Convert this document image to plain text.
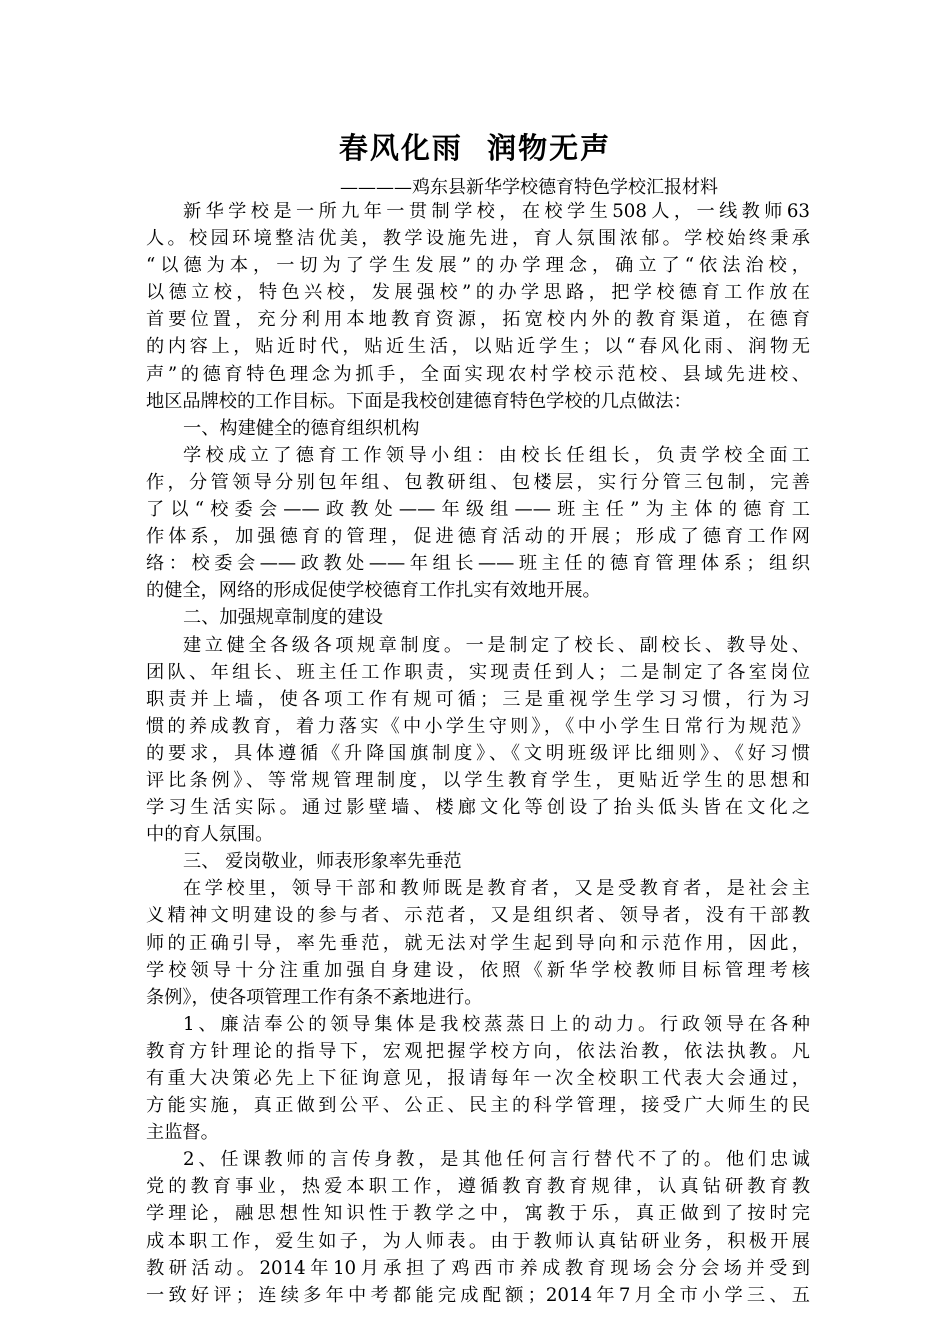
春风化雨  润物无声
————鸡东县新华学校德育特色学校汇报材料
新华学校是一所九年一贯制学校，在校学生508人，一线教师63
人。校园环境整洁优美，教学设施先进，育人氛围浓郁。学校始终秉承
“以德为本，一切为了学生发展”的办学理念，确立了“依法治校，
以德立校，特色兴校，发展强校”的办学思路，把学校德育工作放在
首要位置，充分利用本地教育资源，拓宽校内外的教育渠道，在德育
的内容上，贴近时代，贴近生活，以贴近学生；以“春风化雨、润物无
声”的德育特色理念为抓手，全面实现农村学校示范校、县域先进校、
地区品牌校的工作目标。下面是我校创建德育特色学校的几点做法：
一、构建健全的德育组织机构
学校成立了德育工作领导小组：由校长任组长，负责学校全面工
作，分管领导分别包年组、包教研组、包楼层，实行分管三包制，完善
了以“校委会——政教处——年级组——班主任”为主体的德育工
作体系，加强德育的管理，促进德育活动的开展；形成了德育工作网
络：校委会——政教处——年组长——班主任的德育管理体系；组织
的健全，网络的形成促使学校德育工作扎实有效地开展。
二、加强规章制度的建设
建立健全各级各项规章制度。一是制定了校长、副校长、教导处、
团队、年组长、班主任工作职责，实现责任到人；二是制定了各室岗位
职责并上墙，使各项工作有规可循；三是重视学生学习习惯，行为习
惯的养成教育，着力落实《中小学生守则》，《中小学生日常行为规范》
的要求，具体遵循《升降国旗制度》、《文明班级评比细则》、《好习惯
评比条例》、等常规管理制度，以学生教育学生，更贴近学生的思想和
学习生活实际。通过影壁墙、楼廊文化等创设了抬头低头皆在文化之
中的育人氛围。
三、 爱岗敬业，师表形象率先垂范
在学校里，领导干部和教师既是教育者，又是受教育者，是社会主
义精神文明建设的参与者、示范者，又是组织者、领导者，没有干部教
师的正确引导，率先垂范，就无法对学生起到导向和示范作用，因此，
学校领导十分注重加强自身建设，依照《新华学校教师目标管理考核
条例》，使各项管理工作有条不紊地进行。
1、廉洁奉公的领导集体是我校蒸蒸日上的动力。行政领导在各种
教育方针理论的指导下，宏观把握学校方向，依法治教，依法执教。凡
有重大决策必先上下征询意见，报请每年一次全校职工代表大会通过，
方能实施，真正做到公平、公正、民主的科学管理，接受广大师生的民
主监督。
2、任课教师的言传身教，是其他任何言行替代不了的。他们忠诚
党的教育事业，热爱本职工作，遵循教育教育规律，认真钻研教育教
学理论，融思想性知识性于教学之中，寓教于乐，真正做到了按时完
成本职工作，爱生如子，为人师表。由于教师认真钻研业务，积极开展
教研活动。2014年10月承担了鸡西市养成教育现场会分会场并受到
一致好评；连续多年中考都能完成配额；2014年7月全市小学三、五
